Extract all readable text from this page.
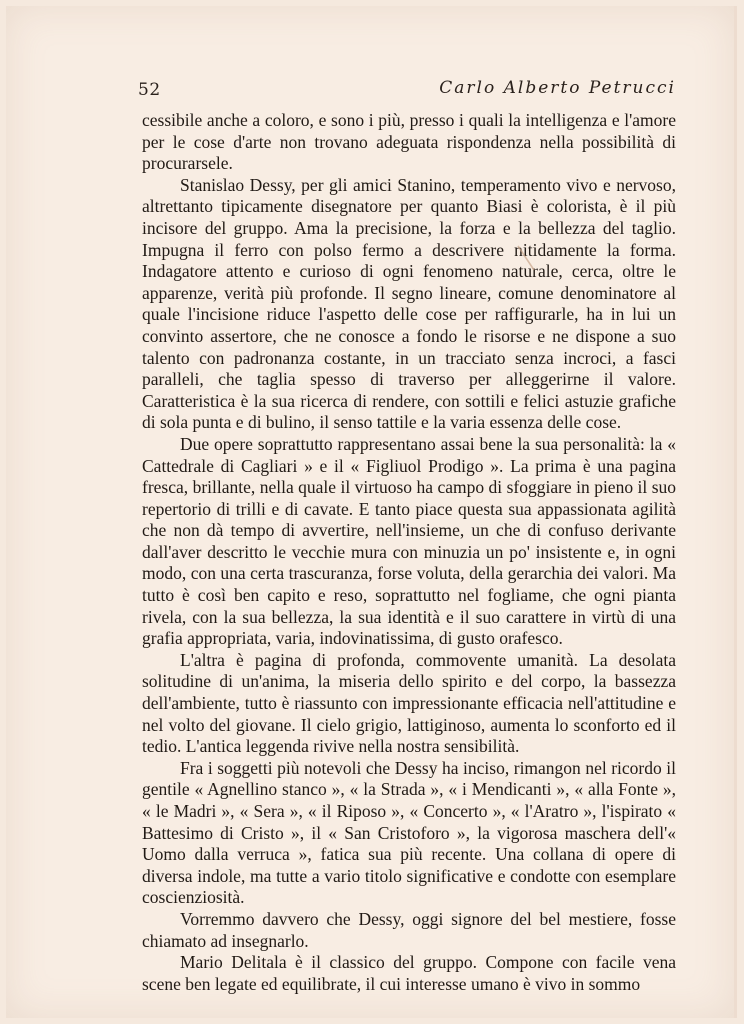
52	Carlo Alberto Petrucci

cessibile anche a coloro, e sono i più, presso i quali la intelligenza e l'amore per le cose d'arte non trovano adeguata rispondenza nella possibilità di procurarsele.

Stanislao Dessy, per gli amici Stanino, temperamento vivo e nervoso, altrettanto tipicamente disegnatore per quanto Biasi è colorista, è il più incisore del gruppo. Ama la precisione, la forza e la bellezza del taglio. Impugna il ferro con polso fermo a descrivere nitidamente la forma. Indagatore attento e curioso di ogni fenomeno naturale, cerca, oltre le apparenze, verità più profonde. Il segno lineare, comune denominatore al quale l'incisione riduce l'aspetto delle cose per raffigurarle, ha in lui un convinto assertore, che ne conosce a fondo le risorse e ne dispone a suo talento con padronanza costante, in un tracciato senza incroci, a fasci paralleli, che taglia spesso di traverso per alleggerirne il valore. Caratteristica è la sua ricerca di rendere, con sottili e felici astuzie grafiche di sola punta e di bulino, il senso tattile e la varia essenza delle cose.

Due opere soprattutto rappresentano assai bene la sua personalità: la « Cattedrale di Cagliari » e il « Figliuol Prodigo ». La prima è una pagina fresca, brillante, nella quale il virtuoso ha campo di sfoggiare in pieno il suo repertorio di trilli e di cavate. E tanto piace questa sua appassionata agilità che non dà tempo di avvertire, nell'insieme, un che di confuso derivante dall'aver descritto le vecchie mura con minuzia un po' insistente e, in ogni modo, con una certa trascuranza, forse voluta, della gerarchia dei valori. Ma tutto è così ben capito e reso, soprattutto nel fogliame, che ogni pianta rivela, con la sua bellezza, la sua identità e il suo carattere in virtù di una grafia appropriata, varia, indovinatissima, di gusto orafesco.

L'altra è pagina di profonda, commovente umanità. La desolata solitudine di un'anima, la miseria dello spirito e del corpo, la bassezza dell'ambiente, tutto è riassunto con impressionante efficacia nell'attitudine e nel volto del giovane. Il cielo grigio, lattiginoso, aumenta lo sconforto ed il tedio. L'antica leggenda rivive nella nostra sensibilità.

Fra i soggetti più notevoli che Dessy ha inciso, rimangon nel ricordo il gentile « Agnellino stanco », « la Strada », « i Mendicanti », « alla Fonte », « le Madri », « Sera », « il Riposo », « Concerto », « l'Aratro », l'ispirato « Battesimo di Cristo », il « San Cristoforo », la vigorosa maschera dell'« Uomo dalla verruca », fatica sua più recente. Una collana di opere di diversa indole, ma tutte a vario titolo significative e condotte con esemplare coscienziosità.

Vorremmo davvero che Dessy, oggi signore del bel mestiere, fosse chiamato ad insegnarlo.

Mario Delitala è il classico del gruppo. Compone con facile vena scene ben legate ed equilibrate, il cui interesse umano è vivo in sommo
